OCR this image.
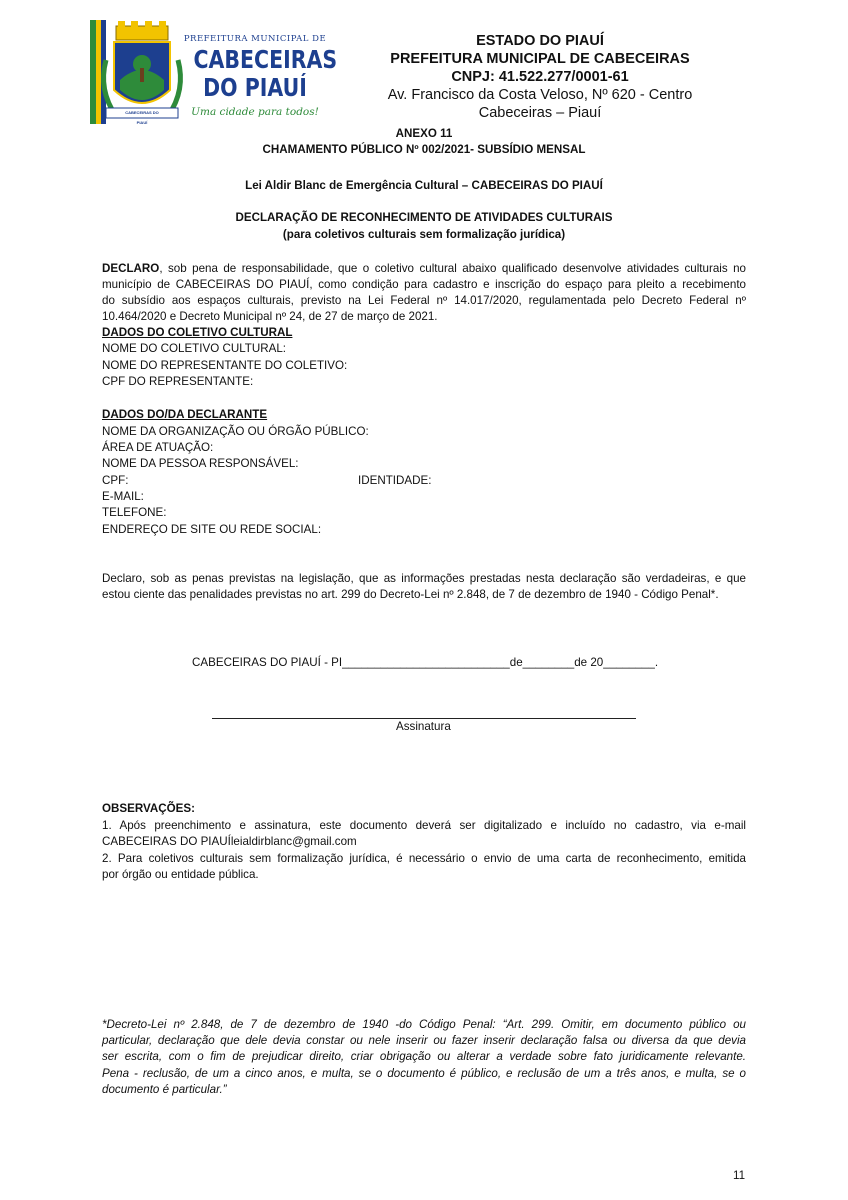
CABECEIRAS DO PIAUÍ
PREFEITURA MUNICIPAL DE
CABECEIRAS
DO PIAUÍ
Uma cidade para todos!
ESTADO DO PIAUÍ
PREFEITURA MUNICIPAL DE CABECEIRAS
CNPJ: 41.522.277/0001-61
Av. Francisco da Costa Veloso, Nº 620 - Centro
Cabeceiras – Piauí
ANEXO 11
CHAMAMENTO PÚBLICO Nº 002/2021- SUBSÍDIO MENSAL
Lei Aldir Blanc de Emergência Cultural – CABECEIRAS DO PIAUÍ
DECLARAÇÃO DE RECONHECIMENTO DE ATIVIDADES CULTURAIS
(para coletivos culturais sem formalização jurídica)
DECLARO, sob pena de responsabilidade, que o coletivo cultural abaixo qualificado desenvolve atividades culturais no
município de CABECEIRAS DO PIAUÍ, como condição para cadastro e inscrição do espaço para pleito a recebimento
do subsídio aos espaços culturais, previsto na Lei Federal nº 14.017/2020, regulamentada pelo Decreto Federal nº
10.464/2020 e Decreto Municipal nº 24, de 27 de março de 2021.
DADOS DO COLETIVO CULTURAL
NOME DO COLETIVO CULTURAL:
NOME DO REPRESENTANTE DO COLETIVO:
CPF DO REPRESENTANTE:
DADOS DO/DA DECLARANTE
NOME DA ORGANIZAÇÃO OU ÓRGÃO PÚBLICO:
ÁREA DE ATUAÇÃO:
NOME DA PESSOA RESPONSÁVEL:
CPF:	IDENTIDADE:
E-MAIL:
TELEFONE:
ENDEREÇO DE SITE OU REDE SOCIAL:
Declaro, sob as penas previstas na legislação, que as informações prestadas nesta declaração são verdadeiras, e que
estou ciente das penalidades previstas no art. 299 do Decreto-Lei nº 2.848, de 7 de dezembro de 1940 - Código Penal*.
CABECEIRAS DO PIAUÍ - PI__________________________de________de 20________.
Assinatura
OBSERVAÇÕES:
1. Após preenchimento e assinatura, este documento deverá ser digitalizado e incluído no cadastro, via e-mail
CABECEIRAS DO PIAUÍleialdirblanc@gmail.com
2. Para coletivos culturais sem formalização jurídica, é necessário o envio de uma carta de reconhecimento, emitida
por órgão ou entidade pública.
*Decreto-Lei nº 2.848, de 7 de dezembro de 1940 -do Código Penal: “Art. 299. Omitir, em documento público ou
particular, declaração que dele devia constar ou nele inserir ou fazer inserir declaração falsa ou diversa da que devia
ser escrita, com o fim de prejudicar direito, criar obrigação ou alterar a verdade sobre fato juridicamente relevante.
Pena - reclusão, de um a cinco anos, e multa, se o documento é público, e reclusão de um a três anos, e multa, se o
documento é particular.”
11
